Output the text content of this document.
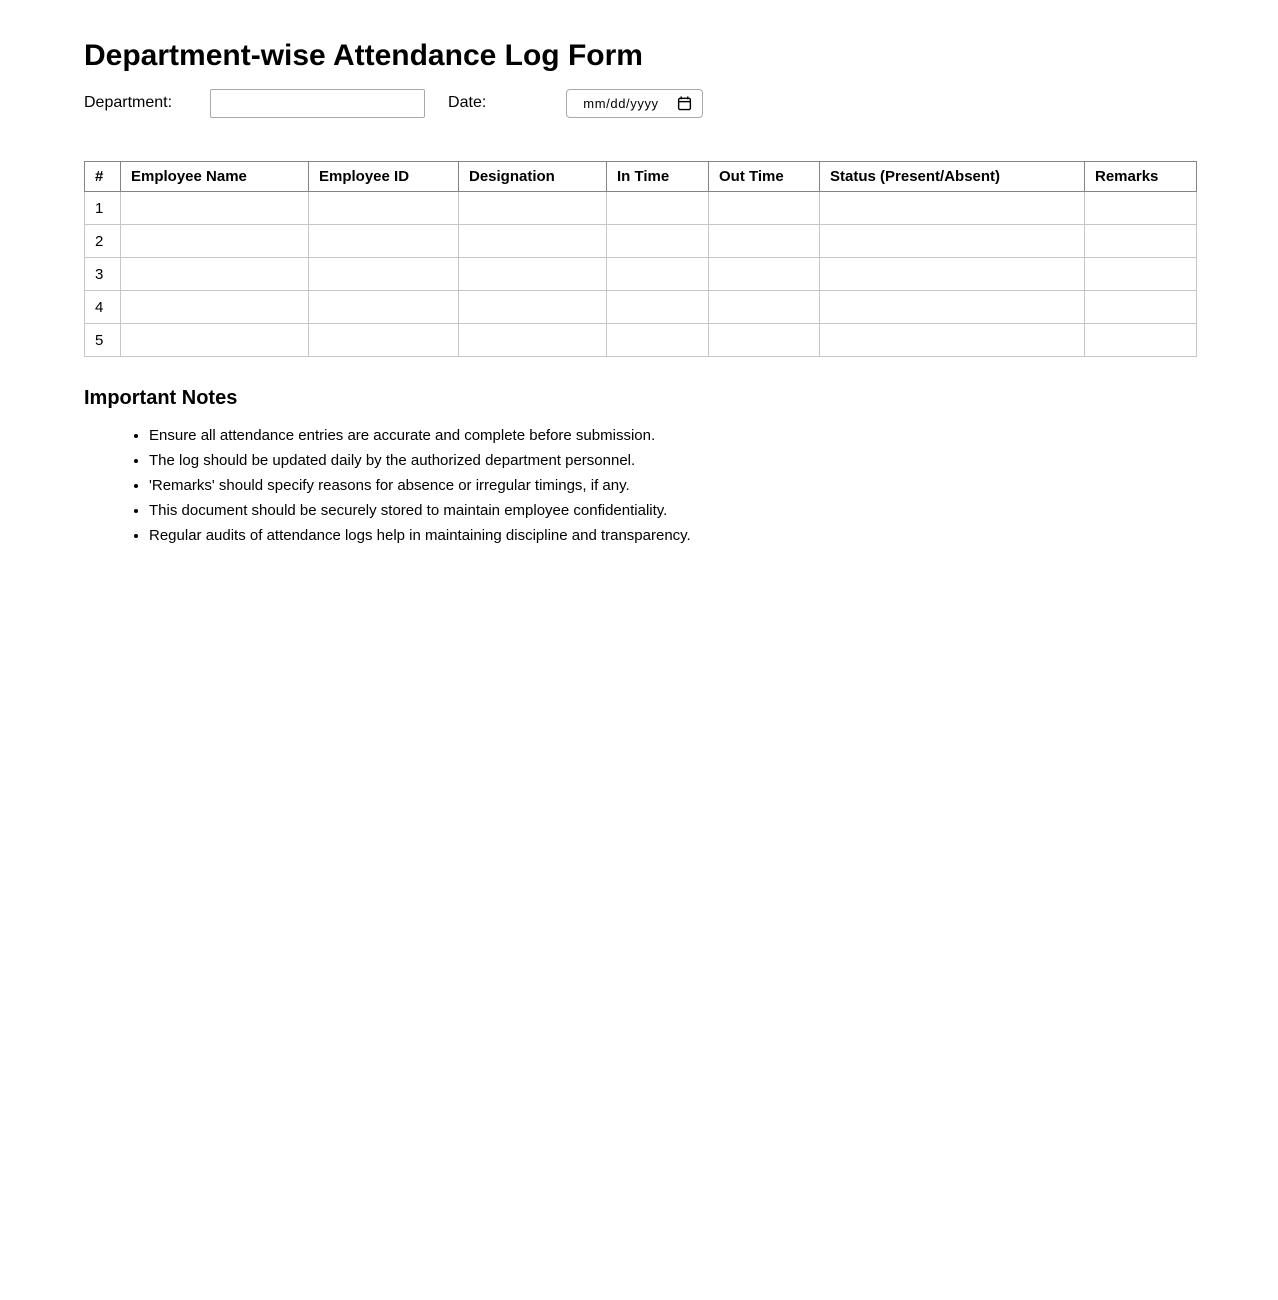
Department-wise Attendance Log Form
Department:	Date:	mm/dd/yyyy
#	Employee Name	Employee ID	Designation	In Time	Out Time	Status (Present/Absent)	Remarks
1							
2							
3							
4							
5							
Important Notes
• Ensure all attendance entries are accurate and complete before submission.
• The log should be updated daily by the authorized department personnel.
• 'Remarks' should specify reasons for absence or irregular timings, if any.
• This document should be securely stored to maintain employee confidentiality.
• Regular audits of attendance logs help in maintaining discipline and transparency.
